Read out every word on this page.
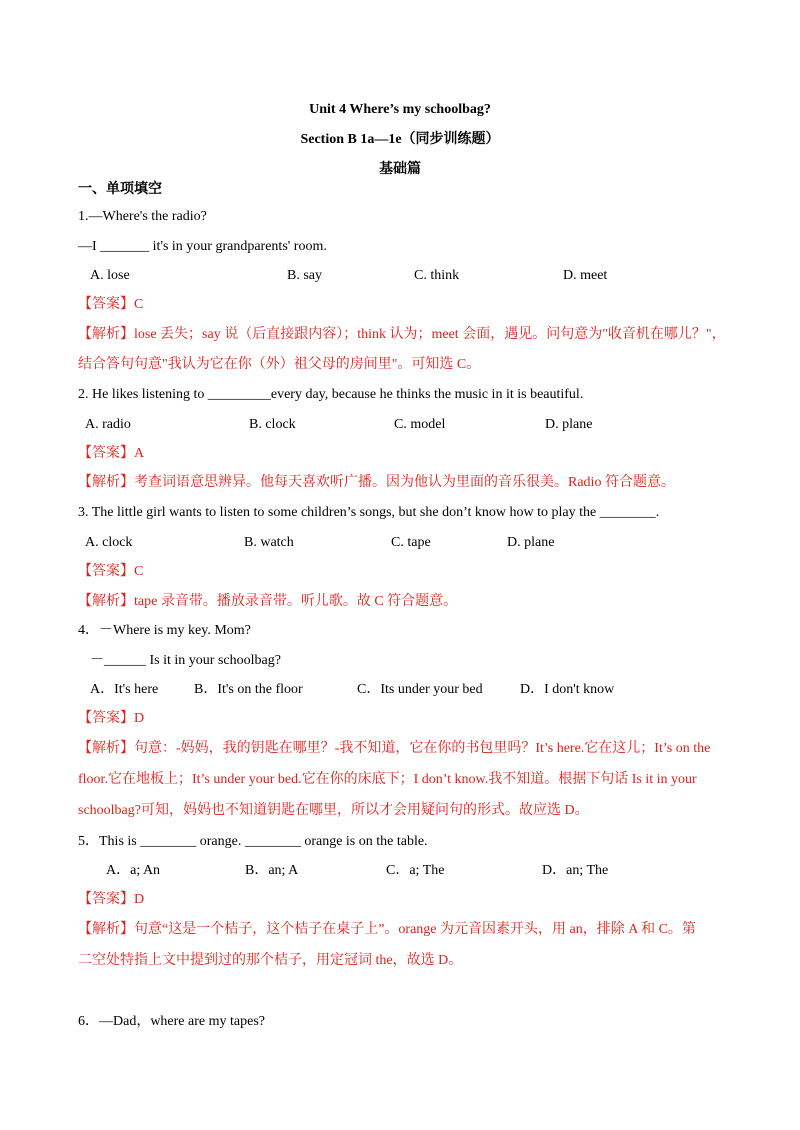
Unit 4 Where’s my schoolbag?
Section B 1a—1e（同步训练题）
基础篇
一、单项填空
1.—Where's the radio?
—I _______ it's in your grandparents' room.
A. lose	B. say	C. think	D. meet
【答案】C
【解析】lose 丢失；say 说（后直接跟内容）；think 认为；meet 会面，遇见。问句意为"收音机在哪儿？"，
结合答句句意"我认为它在你（外）祖父母的房间里"。可知选 C。
2. He likes listening to _________every day, because he thinks the music in it is beautiful.
A. radio	B. clock	C. model	D. plane
【答案】A
【解析】考查词语意思辨异。他每天喜欢听广播。因为他认为里面的音乐很美。Radio 符合题意。
3. The little girl wants to listen to some children’s songs, but she don’t know how to play the ________.
A. clock	B. watch	C. tape	D. plane
【答案】C
【解析】tape 录音带。播放录音带。听儿歌。故 C 符合题意。
4．－Where is my key. Mom?
－______ Is it in your schoolbag?
A．It's here	B．It's on the floor	C．Its under your bed	D．I don't know
【答案】D
【解析】句意：-妈妈，我的钥匙在哪里？-我不知道，它在你的书包里吗？It’s here.它在这儿；It’s on the
floor.它在地板上；It’s under your bed.它在你的床底下；I don’t know.我不知道。根据下句话 Is it in your
schoolbag?可知，妈妈也不知道钥匙在哪里，所以才会用疑问句的形式。故应选 D。
5．This is ________ orange. ________ orange is on the table.
A．a; An	B．an; A	C．a; The	D．an; The
【答案】D
【解析】句意“这是一个桔子，这个桔子在桌子上”。orange 为元音因素开头，用 an，排除 A 和 C。第
二空处特指上文中提到过的那个桔子，用定冠词 the，故选 D。
6．—Dad，where are my tapes?
